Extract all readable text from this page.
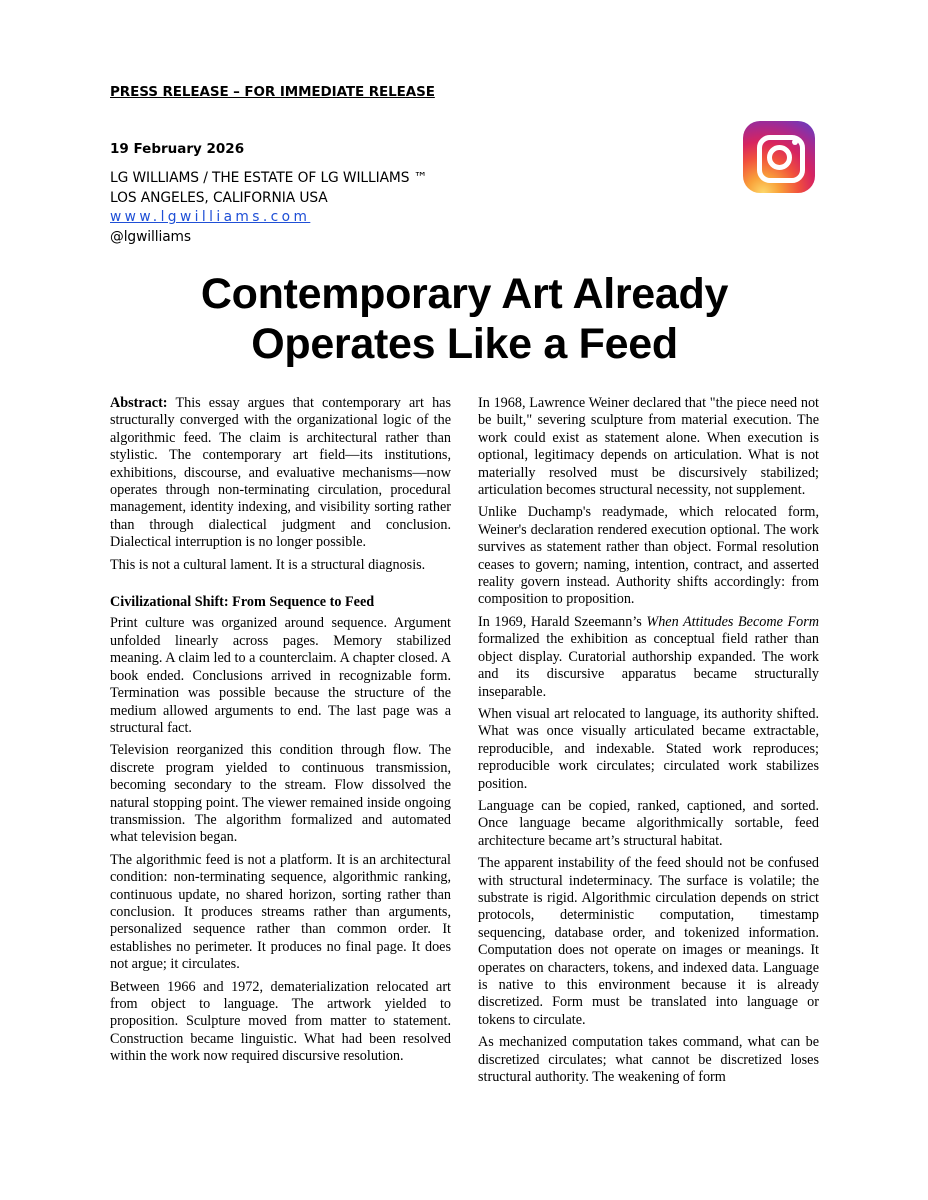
PRESS RELEASE – FOR IMMEDIATE RELEASE
19 February 2026
LG WILLIAMS / THE ESTATE OF LG WILLIAMS ™
LOS ANGELES, CALIFORNIA USA
www.lgwilliams.com
@lgwilliams
Contemporary Art Already Operates Like a Feed

Abstract: This essay argues that contemporary art has structurally converged with the organizational logic of the algorithmic feed. The claim is architectural rather than stylistic. The contemporary art field—its institutions, exhibitions, discourse, and evaluative mechanisms—now operates through non-terminating circulation, procedural management, identity indexing, and visibility sorting rather than through dialectical judgment and conclusion. Dialectical interruption is no longer possible.

This is not a cultural lament. It is a structural diagnosis.

Civilizational Shift: From Sequence to Feed

Print culture was organized around sequence. Argument unfolded linearly across pages. Memory stabilized meaning. A claim led to a counterclaim. A chapter closed. A book ended. Conclusions arrived in recognizable form. Termination was possible because the structure of the medium allowed arguments to end. The last page was a structural fact.

Television reorganized this condition through flow. The discrete program yielded to continuous transmission, becoming secondary to the stream. Flow dissolved the natural stopping point. The viewer remained inside ongoing transmission. The algorithm formalized and automated what television began.

The algorithmic feed is not a platform. It is an architectural condition: non-terminating sequence, algorithmic ranking, continuous update, no shared horizon, sorting rather than conclusion. It produces streams rather than arguments, personalized sequence rather than common order. It establishes no perimeter. It produces no final page. It does not argue; it circulates.

Between 1966 and 1972, dematerialization relocated art from object to language. The artwork yielded to proposition. Sculpture moved from matter to statement. Construction became linguistic. What had been resolved within the work now required discursive resolution.

In 1968, Lawrence Weiner declared that "the piece need not be built," severing sculpture from material execution. The work could exist as statement alone. When execution is optional, legitimacy depends on articulation. What is not materially resolved must be discursively stabilized; articulation becomes structural necessity, not supplement.

Unlike Duchamp's readymade, which relocated form, Weiner's declaration rendered execution optional. The work survives as statement rather than object. Formal resolution ceases to govern; naming, intention, contract, and asserted reality govern instead. Authority shifts accordingly: from composition to proposition.

In 1969, Harald Szeemann’s When Attitudes Become Form formalized the exhibition as conceptual field rather than object display. Curatorial authorship expanded. The work and its discursive apparatus became structurally inseparable.

When visual art relocated to language, its authority shifted. What was once visually articulated became extractable, reproducible, and indexable. Stated work reproduces; reproducible work circulates; circulated work stabilizes position.

Language can be copied, ranked, captioned, and sorted. Once language became algorithmically sortable, feed architecture became art’s structural habitat.

The apparent instability of the feed should not be confused with structural indeterminacy. The surface is volatile; the substrate is rigid. Algorithmic circulation depends on strict protocols, deterministic computation, timestamp sequencing, database order, and tokenized information. Computation does not operate on images or meanings. It operates on characters, tokens, and indexed data. Language is native to this environment because it is already discretized. Form must be translated into language or tokens to circulate.

As mechanized computation takes command, what can be discretized circulates; what cannot be discretized loses structural authority. The weakening of form
